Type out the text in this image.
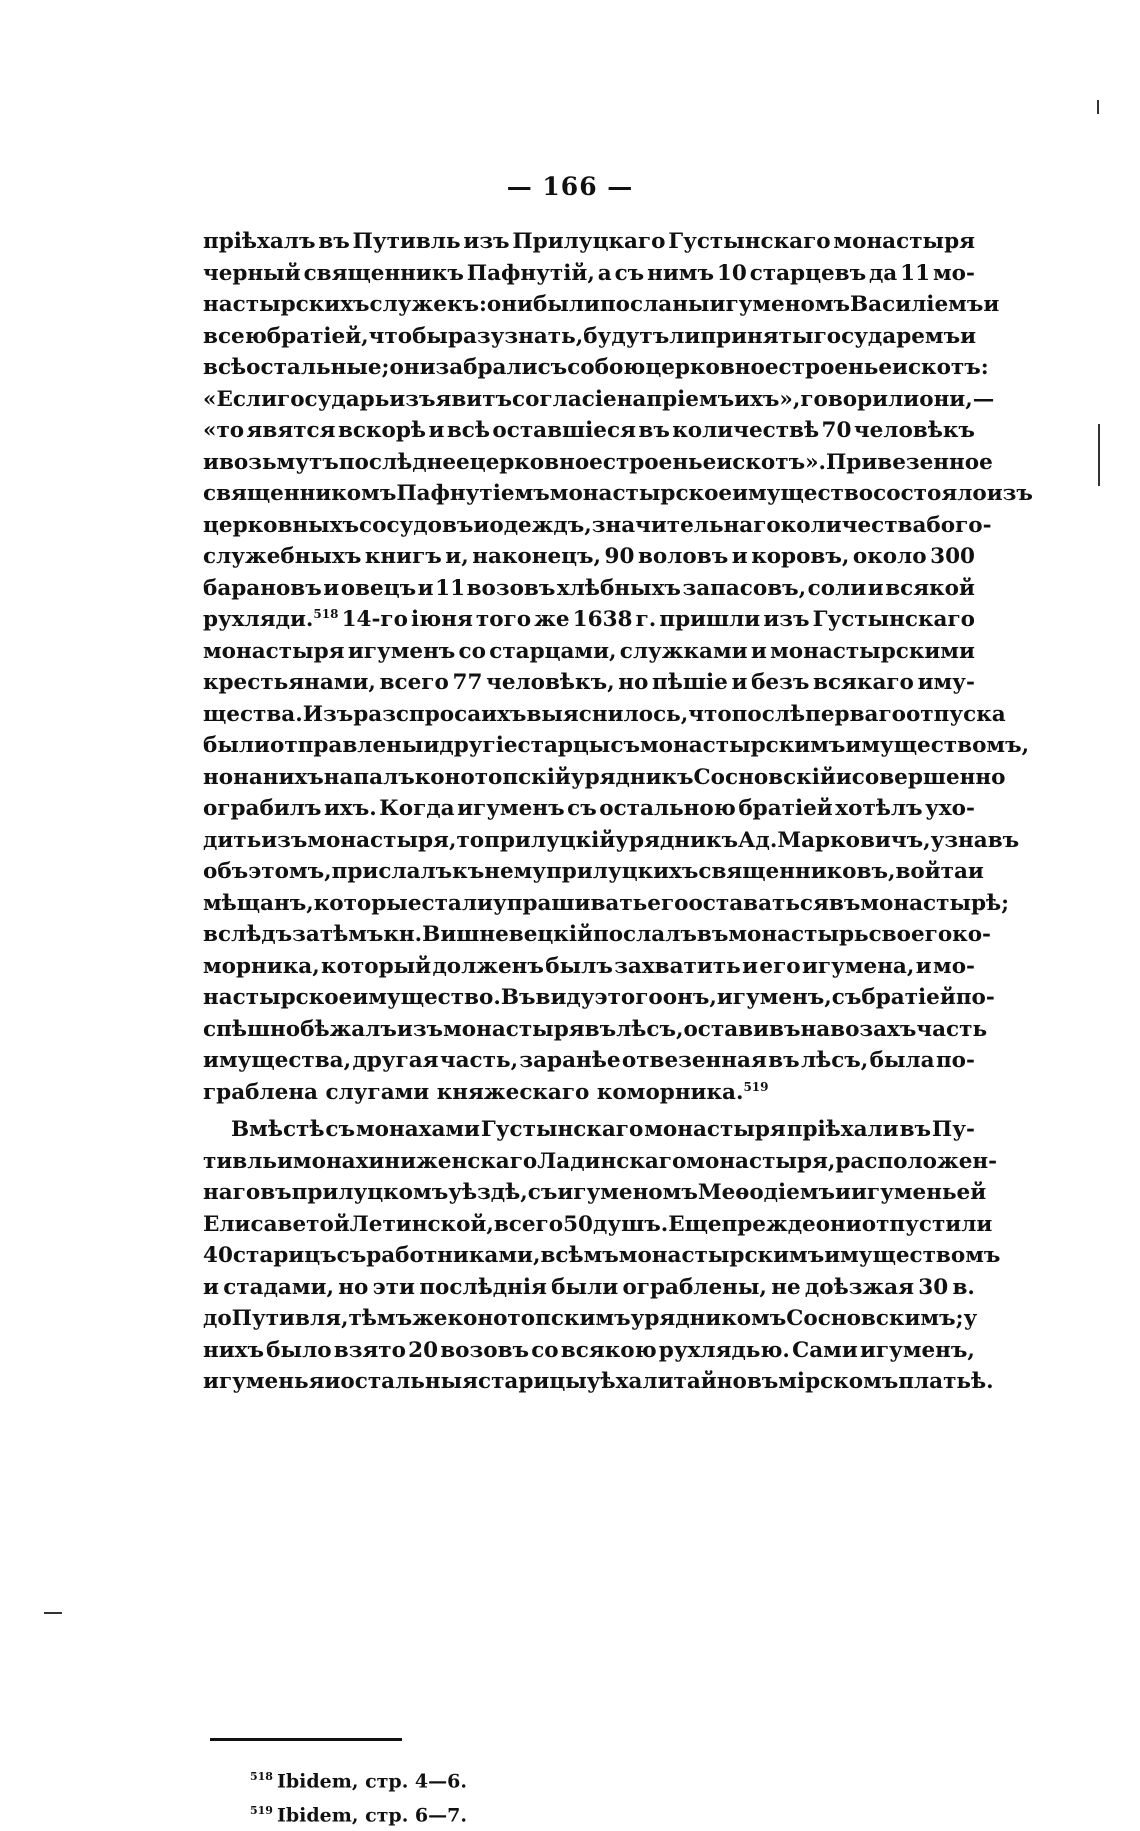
— 166 —
прiѣхалъ въ Путивль изъ Прилуцкаго Густынскаго монастыря
черный священникъ Пафнутiй, а съ нимъ 10 старцевъ да 11 мо-
настырскихъ служекъ: они были посланы игуменомъ Василiемъ и
всею братiей, чтобы разузнать, будутъ ли приняты государемъ и
всѣ остальные; они забрали съ собою церковное строенье и скотъ:
«Если государь изъявитъ согласiе на прiемъ ихъ», говорили они,—
«то явятся вскорѣ и всѣ оставшiеся въ количествѣ 70 человѣкъ
и возьмутъ послѣднее церковное строенье и скотъ». Привезенное
священникомъ Пафнутiемъ монастырское имущество состояло изъ
церковныхъ сосудовъ и одеждъ, значительнаго количества бого-
служебныхъ книгъ и, наконецъ, 90 воловъ и коровъ, около 300
барановъ и овецъ и 11 возовъ хлѣбныхъ запасовъ, соли и всякой
рухляди.$^{518}$ 14-го iюня того же 1638 г. пришли изъ Густынскаго
монастыря игуменъ со старцами, служками и монастырскими
крестьянами, всего 77 человѣкъ, но пѣшiе и безъ всякаго иму-
щества. Изъ разспроса ихъ выяснилось, что послѣ перваго отпуска
были отправлены и другiе старцы съ монастырскимъ имуществомъ,
но на нихъ напалъ конотопскiй урядникъ Сосновскiй и совершенно
ограбилъ ихъ. Когда игуменъ съ остальною братiей хотѣлъ ухо-
дить изъ монастыря, то прилуцкiй урядникъ Ад. Марковичъ, узнавъ
объ этомъ, прислалъ къ нему прилуцкихъ священниковъ, войта и
мѣщанъ, которые стали упрашивать его оставаться въ монастырѣ;
вслѣдъ затѣмъ кн. Вишневецкiй послалъ въ монастырь своего ко-
морника, который долженъ былъ захватить и его игумена, и мо-
настырское имущество. Въ виду этого онъ, игуменъ, съ братiей по-
спѣшно бѣжалъ изъ монастыря въ лѣсъ, оставивъ на возахъ часть
имущества, другая часть, заранѣе отвезенная въ лѣсъ, была по-
граблена слугами княжескаго коморника.$^{519}$
Вмѣстѣ съ монахами Густынскаго монастыря прiѣхали въ Пу-
тивль и монахини женскаго Ладинскаго монастыря, расположен-
наго въ прилуцкомъ уѣздѣ, съ игуменомъ Меѳодiемъ и игуменьей
Елисаветой Летинской, всего 50 душъ. Еще прежде они отпустили
40 старицъ съ работниками, всѣмъ монастырскимъ имуществомъ
и стадами, но эти послѣднiя были ограблены, не доѣзжая 30 в.
до Путивля, тѣмъ же конотопскимъ урядникомъ Сосновскимъ; у
нихъ было взято 20 возовъ со всякою рухлядью. Сами игуменъ,
игуменья и остальныя старицы уѣхали тайно въ мiрскомъ платьѣ.
$^{518}$ Ibidem, стр. 4—6.
$^{519}$ Ibidem, стр. 6—7.
